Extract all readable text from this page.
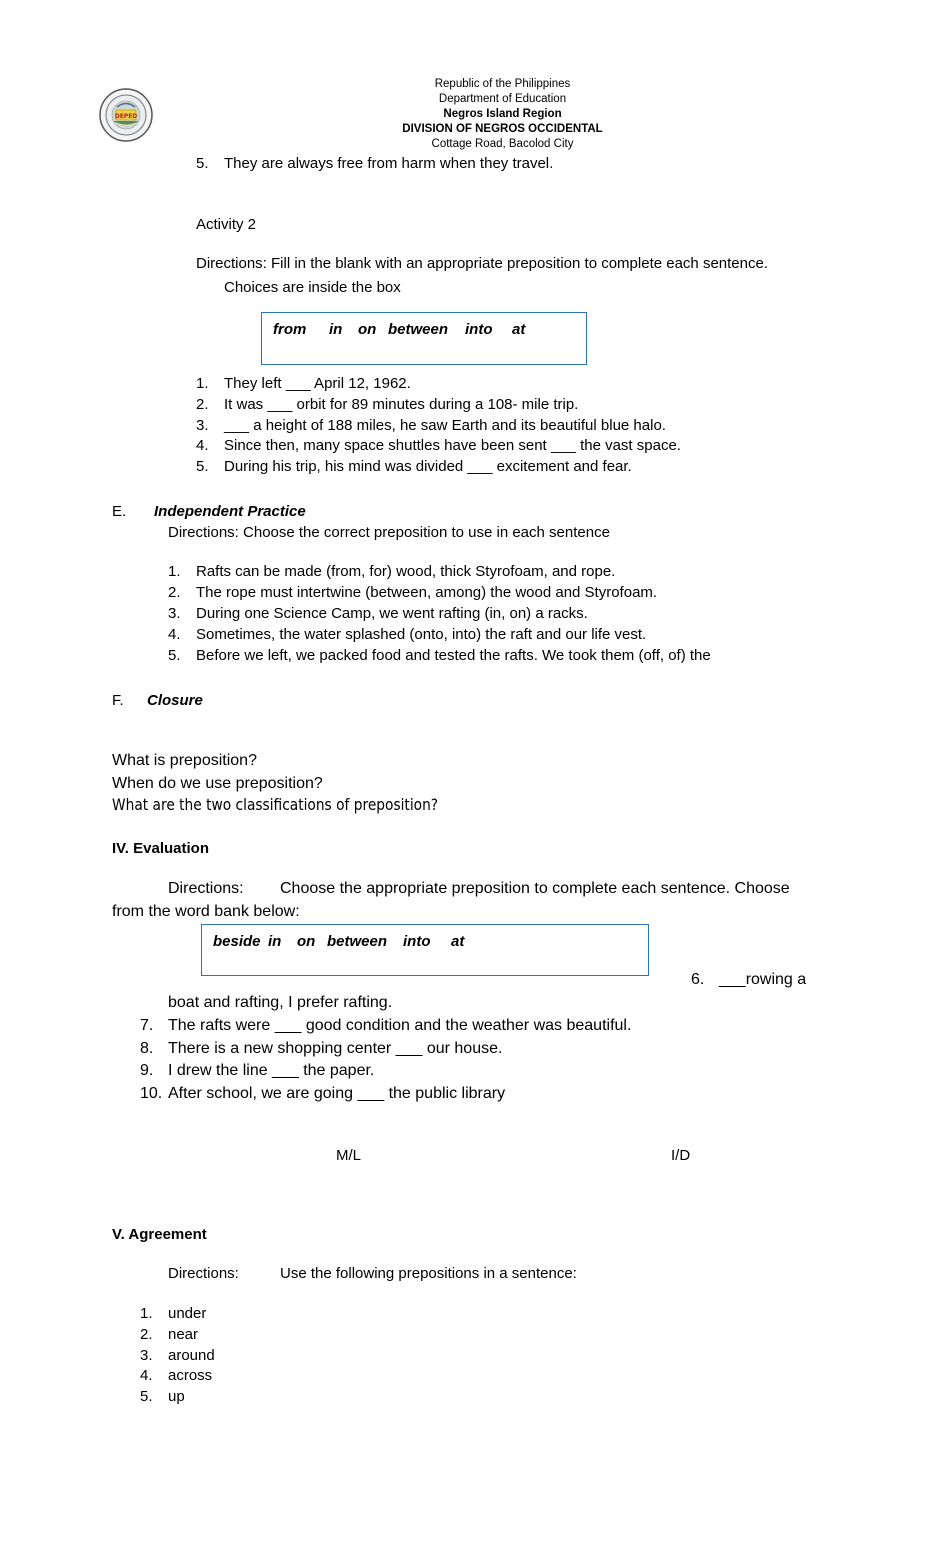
DEPED
Republic of the Philippines
Department of Education
Negros Island Region
DIVISION OF NEGROS OCCIDENTAL
Cottage Road, Bacolod City
5. They are always free from harm when they travel.
Activity 2
Directions: Fill in the blank with an appropriate preposition to complete each sentence.
Choices are inside the box
from in on between into at
1. They left ___ April 12, 1962.
2. It was ___ orbit for 89 minutes during a 108- mile trip.
3. ___ a height of 188 miles, he saw Earth and its beautiful blue halo.
4. Since then, many space shuttles have been sent ___ the vast space.
5. During his trip, his mind was divided ___ excitement and fear.
E. Independent Practice
Directions: Choose the correct preposition to use in each sentence
1. Rafts can be made (from, for) wood, thick Styrofoam, and rope.
2. The rope must intertwine (between, among) the wood and Styrofoam.
3. During one Science Camp, we went rafting (in, on) a racks.
4. Sometimes, the water splashed (onto, into) the raft and our life vest.
5. Before we left, we packed food and tested the rafts. We took them (off, of) the
F. Closure
What is preposition?
When do we use preposition?
What are the two classifications of preposition?
IV. Evaluation
Directions: Choose the appropriate preposition to complete each sentence. Choose
from the word bank below:
beside in on between into at
6. ___rowing a
boat and rafting, I prefer rafting.
7. The rafts were ___ good condition and the weather was beautiful.
8. There is a new shopping center ___ our house.
9. I drew the line ___ the paper.
10. After school, we are going ___ the public library
M/L	I/D
V. Agreement
Directions:	Use the following prepositions in a sentence:
1. under
2. near
3. around
4. across
5. up
